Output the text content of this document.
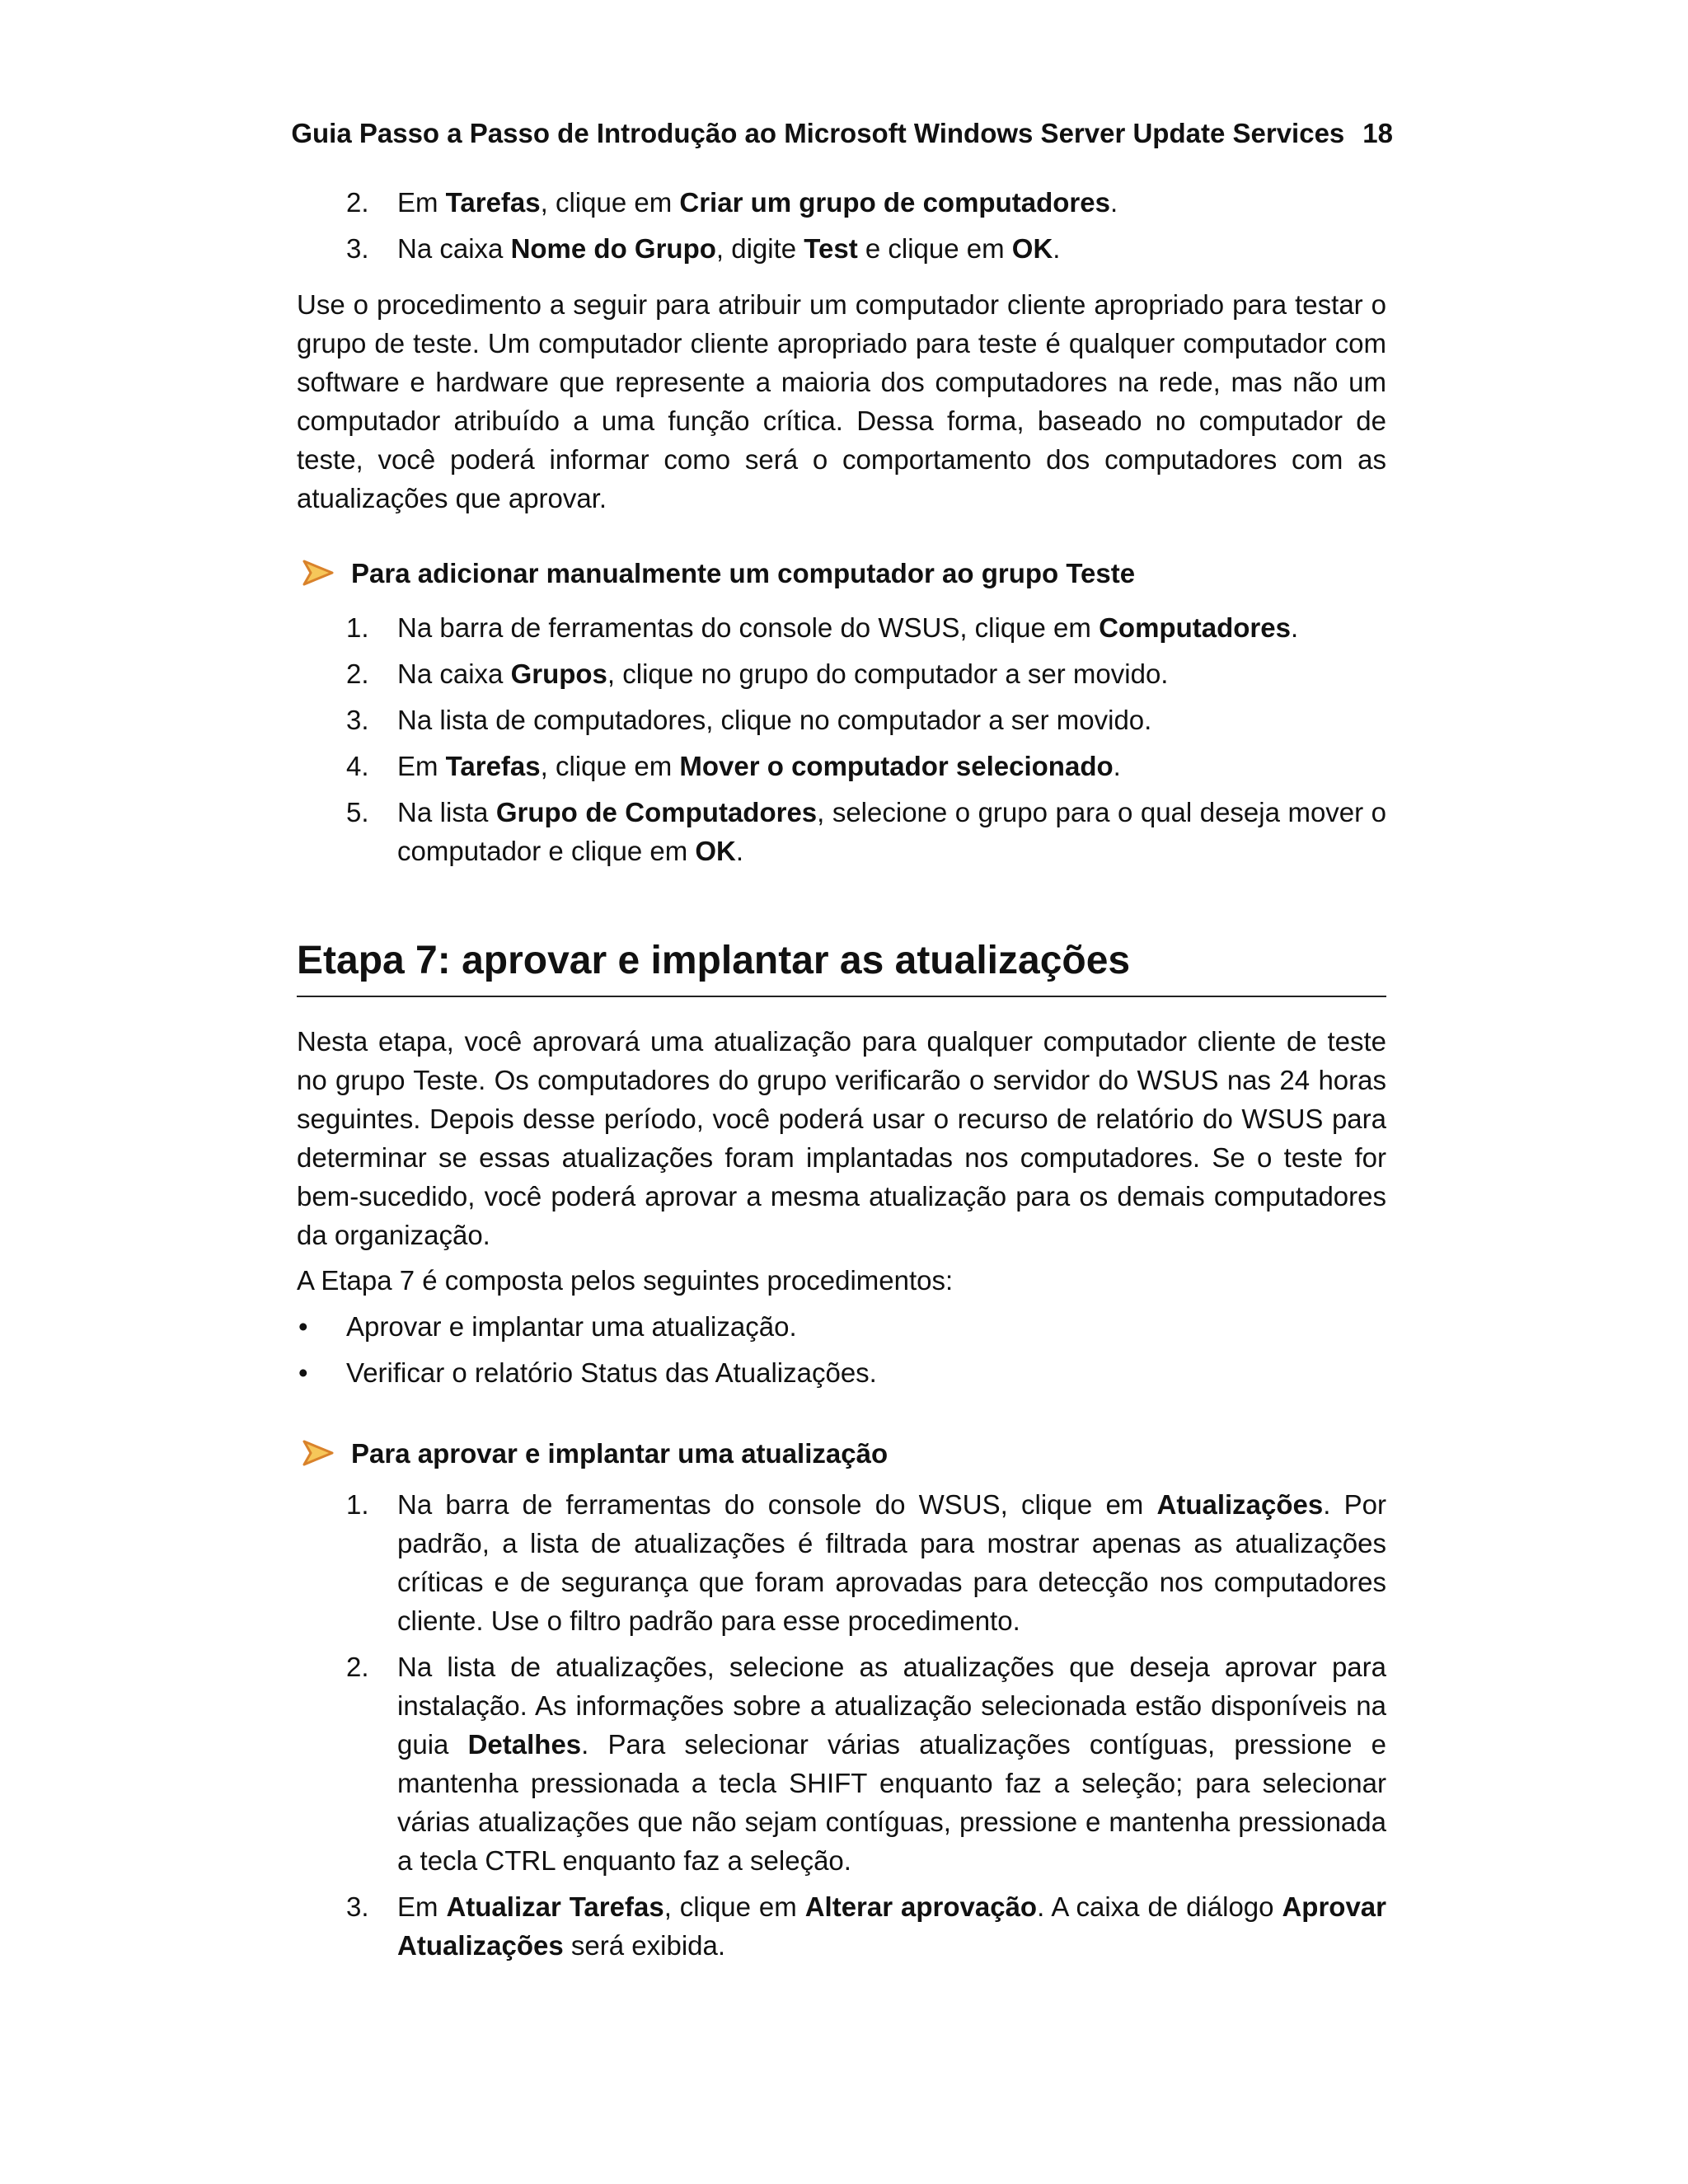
Guia Passo a Passo de Introdução ao Microsoft Windows Server Update Services 18
2. Em Tarefas, clique em Criar um grupo de computadores.
3. Na caixa Nome do Grupo, digite Test e clique em OK.
Use o procedimento a seguir para atribuir um computador cliente apropriado para testar o grupo de teste. Um computador cliente apropriado para teste é qualquer computador com software e hardware que represente a maioria dos computadores na rede, mas não um computador atribuído a uma função crítica. Dessa forma, baseado no computador de teste, você poderá informar como será o comportamento dos computadores com as atualizações que aprovar.
Para adicionar manualmente um computador ao grupo Teste
1. Na barra de ferramentas do console do WSUS, clique em Computadores.
2. Na caixa Grupos, clique no grupo do computador a ser movido.
3. Na lista de computadores, clique no computador a ser movido.
4. Em Tarefas, clique em Mover o computador selecionado.
5. Na lista Grupo de Computadores, selecione o grupo para o qual deseja mover o computador e clique em OK.
Etapa 7: aprovar e implantar as atualizações
Nesta etapa, você aprovará uma atualização para qualquer computador cliente de teste no grupo Teste. Os computadores do grupo verificarão o servidor do WSUS nas 24 horas seguintes. Depois desse período, você poderá usar o recurso de relatório do WSUS para determinar se essas atualizações foram implantadas nos computadores. Se o teste for bem-sucedido, você poderá aprovar a mesma atualização para os demais computadores da organização.
A Etapa 7 é composta pelos seguintes procedimentos:
• Aprovar e implantar uma atualização.
• Verificar o relatório Status das Atualizações.
Para aprovar e implantar uma atualização
1. Na barra de ferramentas do console do WSUS, clique em Atualizações. Por padrão, a lista de atualizações é filtrada para mostrar apenas as atualizações críticas e de segurança que foram aprovadas para detecção nos computadores cliente. Use o filtro padrão para esse procedimento.
2. Na lista de atualizações, selecione as atualizações que deseja aprovar para instalação. As informações sobre a atualização selecionada estão disponíveis na guia Detalhes. Para selecionar várias atualizações contíguas, pressione e mantenha pressionada a tecla SHIFT enquanto faz a seleção; para selecionar várias atualizações que não sejam contíguas, pressione e mantenha pressionada a tecla CTRL enquanto faz a seleção.
3. Em Atualizar Tarefas, clique em Alterar aprovação. A caixa de diálogo Aprovar Atualizações será exibida.
